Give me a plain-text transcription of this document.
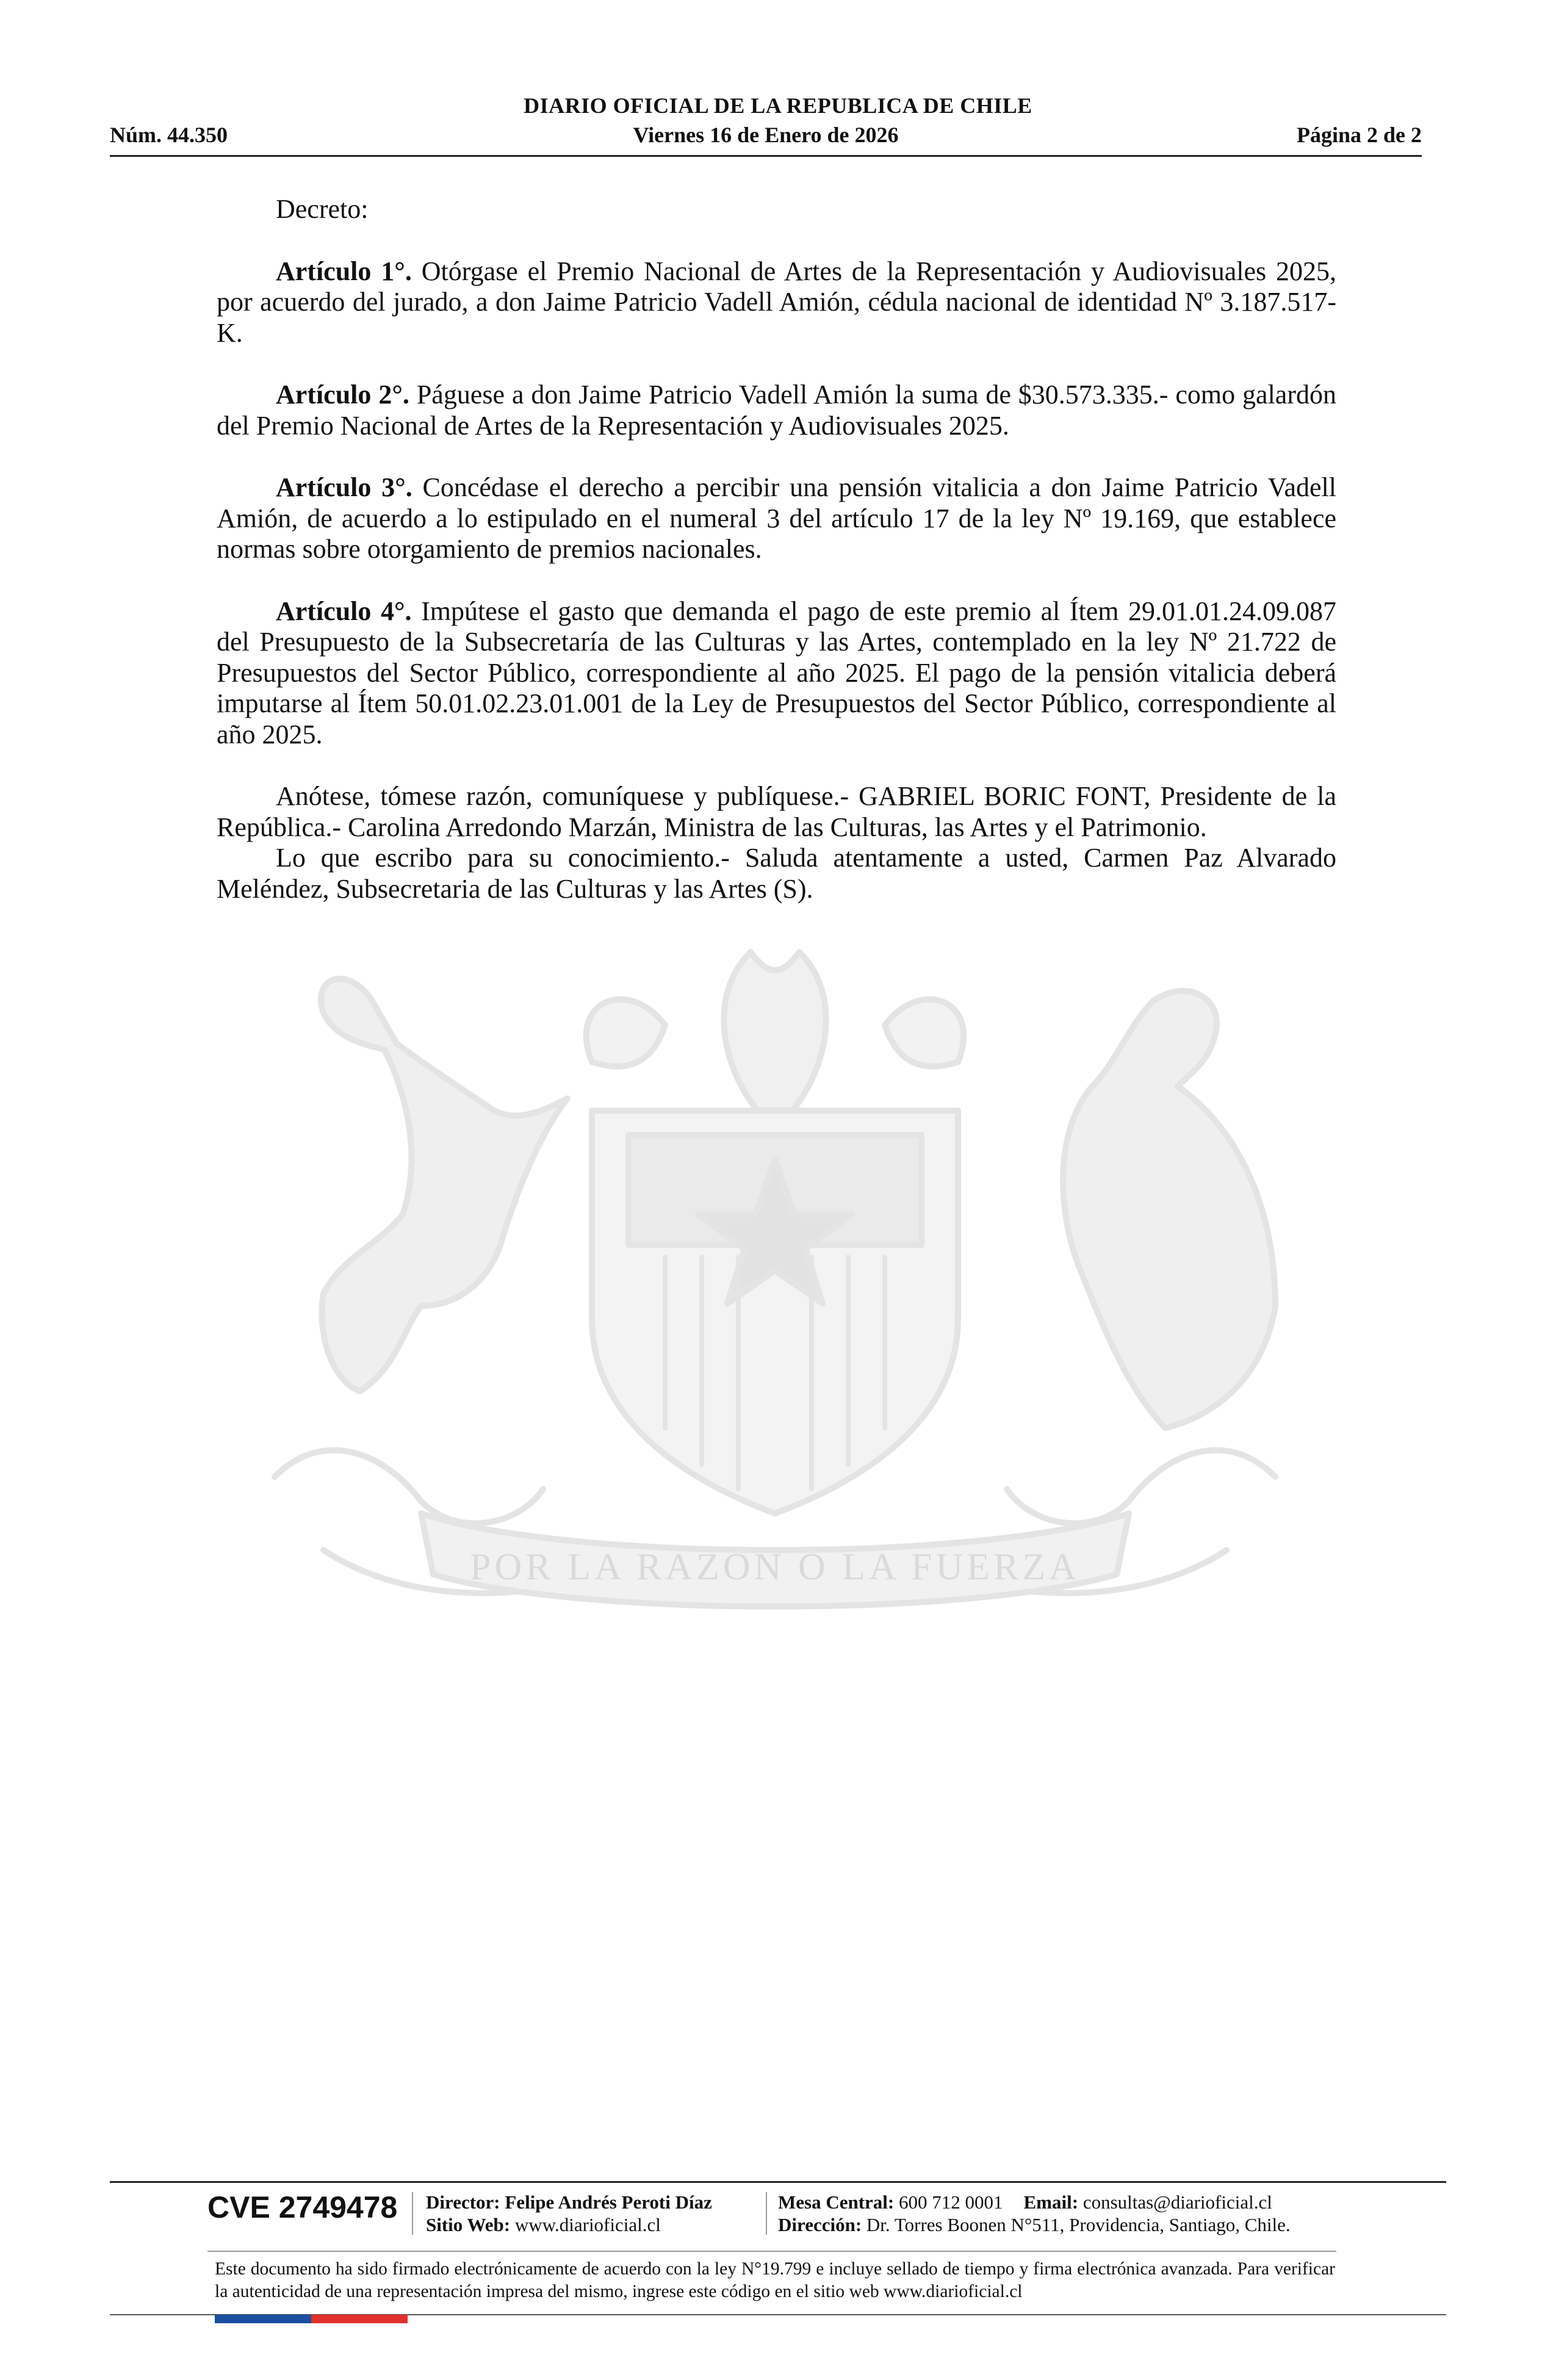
DIARIO OFICIAL DE LA REPUBLICA DE CHILE
Núm. 44.350	Viernes 16 de Enero de 2026	Página 2 de 2
POR LA RAZON O LA FUERZA

Decreto:

Artículo 1°. Otórgase el Premio Nacional de Artes de la Representación y Audiovisuales 2025, por acuerdo del jurado, a don Jaime Patricio Vadell Amión, cédula nacional de identidad Nº 3.187.517-K.

Artículo 2°. Páguese a don Jaime Patricio Vadell Amión la suma de $30.573.335.- como galardón del Premio Nacional de Artes de la Representación y Audiovisuales 2025.

Artículo 3°. Concédase el derecho a percibir una pensión vitalicia a don Jaime Patricio Vadell Amión, de acuerdo a lo estipulado en el numeral 3 del artículo 17 de la ley Nº 19.169, que establece normas sobre otorgamiento de premios nacionales.

Artículo 4°. Impútese el gasto que demanda el pago de este premio al Ítem 29.01.01.24.09.087 del Presupuesto de la Subsecretaría de las Culturas y las Artes, contemplado en la ley Nº 21.722 de Presupuestos del Sector Público, correspondiente al año 2025. El pago de la pensión vitalicia deberá imputarse al Ítem 50.01.02.23.01.001 de la Ley de Presupuestos del Sector Público, correspondiente al año 2025.

Anótese, tómese razón, comuníquese y publíquese.- GABRIEL BORIC FONT, Presidente de la República.- Carolina Arredondo Marzán, Ministra de las Culturas, las Artes y el Patrimonio.

Lo que escribo para su conocimiento.- Saluda atentamente a usted, Carmen Paz Alvarado Meléndez, Subsecretaria de las Culturas y las Artes (S).

CVE 2749478 Director: Felipe Andrés Peroti Díaz
Sitio Web: www.diarioficial.cl
Mesa Central: 600 712 0001 Email: consultas@diarioficial.cl
Dirección: Dr. Torres Boonen N°511, Providencia, Santiago, Chile.
Este documento ha sido firmado electrónicamente de acuerdo con la ley N°19.799 e incluye sellado de tiempo y firma electrónica avanzada. Para verificar la autenticidad de una representación impresa del mismo, ingrese este código en el sitio web www.diarioficial.cl
